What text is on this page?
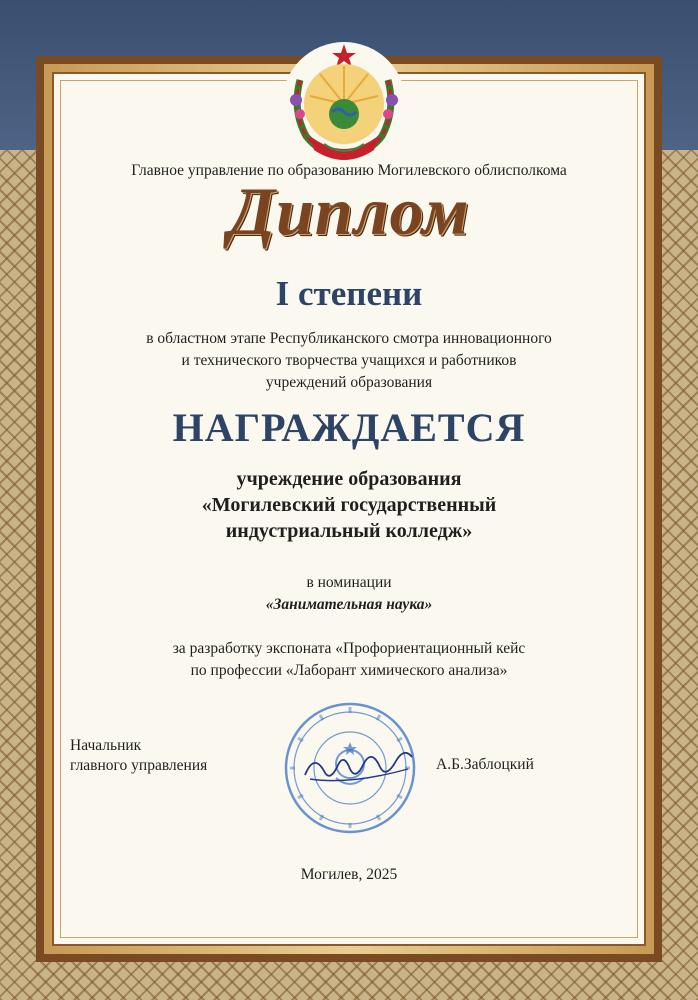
Главное управление по образованию Могилевского облисполкома
Диплом
I степени
в областном этапе Республиканского смотра инновационного
и технического творчества учащихся и работников
учреждений образования
НАГРАЖДАЕТСЯ
учреждение образования
«Могилевский государственный
индустриальный колледж»
в номинации
«Занимательная наука»
за разработку экспоната «Профориентационный кейс
по профессии «Лаборант химического анализа»
Начальник
главного управления	А.Б.Заблоцкий
Могилев, 2025
